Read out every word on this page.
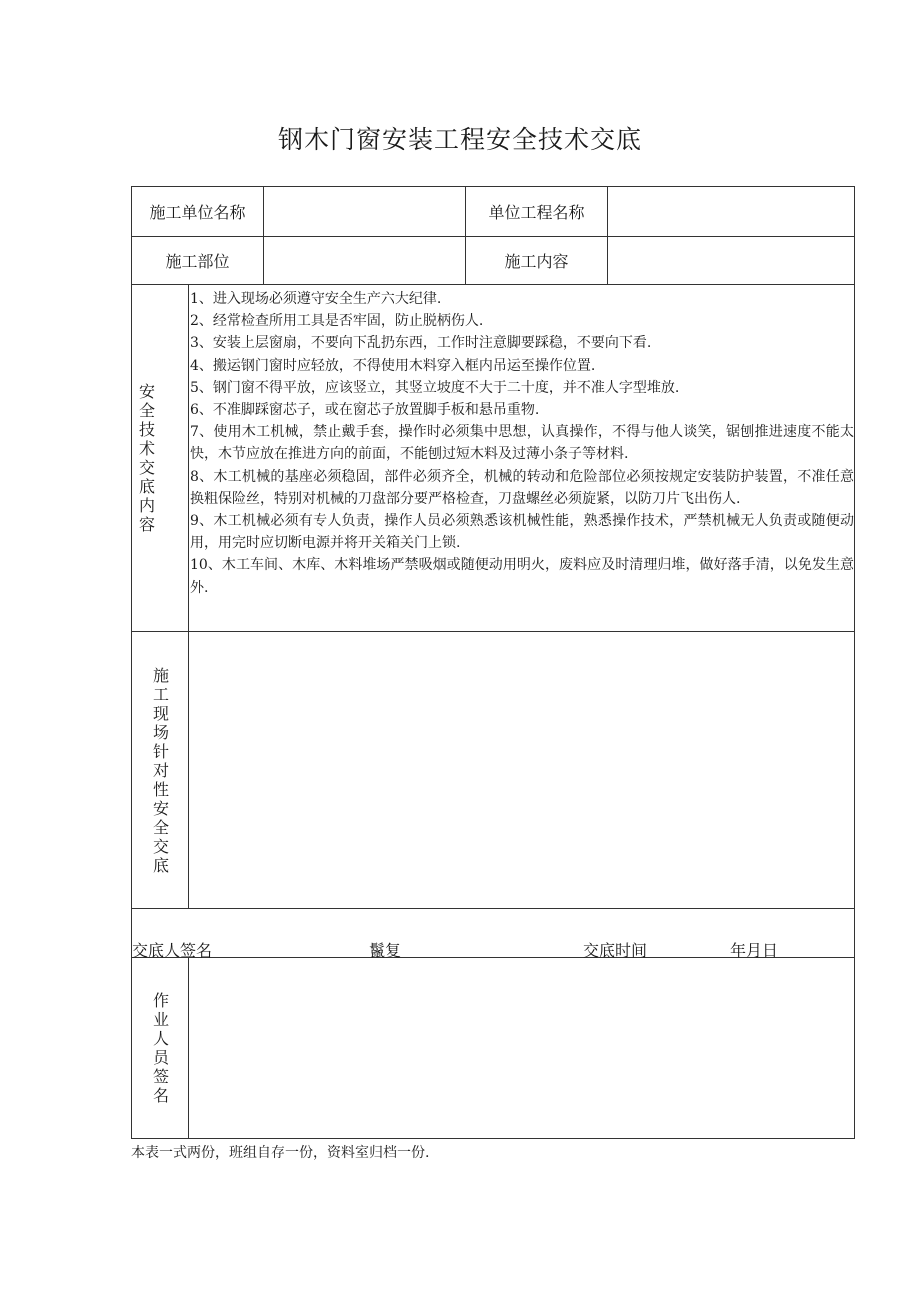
钢木门窗安装工程安全技术交底
施工单位名称	单位工程名称
施工部位	施工内容
安
全
技
术
交
底
内
容

1、进入现场必须遵守安全生产六大纪律.

2、经常检查所用工具是否牢固，防止脱柄伤人.

3、安装上层窗扇，不要向下乱扔东西，工作时注意脚要踩稳，不要向下看.

4、搬运钢门窗时应轻放，不得使用木料穿入框内吊运至操作位置.

5、钢门窗不得平放，应该竖立，其竖立坡度不大于二十度，并不准人字型堆放.

6、不准脚踩窗芯子，或在窗芯子放置脚手板和悬吊重物.

7、使用木工机械，禁止戴手套，操作时必须集中思想，认真操作，不得与他人谈笑，锯刨推进速度不能太快，木节应放在推进方向的前面，不能刨过短木料及过薄小条子等材料.

8、木工机械的基座必须稳固，部件必须齐全，机械的转动和危险部位必须按规定安装防护装置，不准任意换粗保险丝，特别对机械的刀盘部分要严格检查，刀盘螺丝必须旋紧，以防刀片飞出伤人.

9、木工机械必须有专人负责，操作人员必须熟悉该机械性能，熟悉操作技术，严禁机械无人负责或随便动用，用完时应切断电源并将开关箱关门上锁.

10、木工车间、木库、木料堆场严禁吸烟或随便动用明火，废料应及时清理归堆，做好落手清，以免发生意外.

施
工
现
场
针
对
性
安
全
交
底
交底人签名	鬣复	交底时间	年月日
作
业
人
员
签
名
本表一式两份，班组自存一份，资料室归档一份.
